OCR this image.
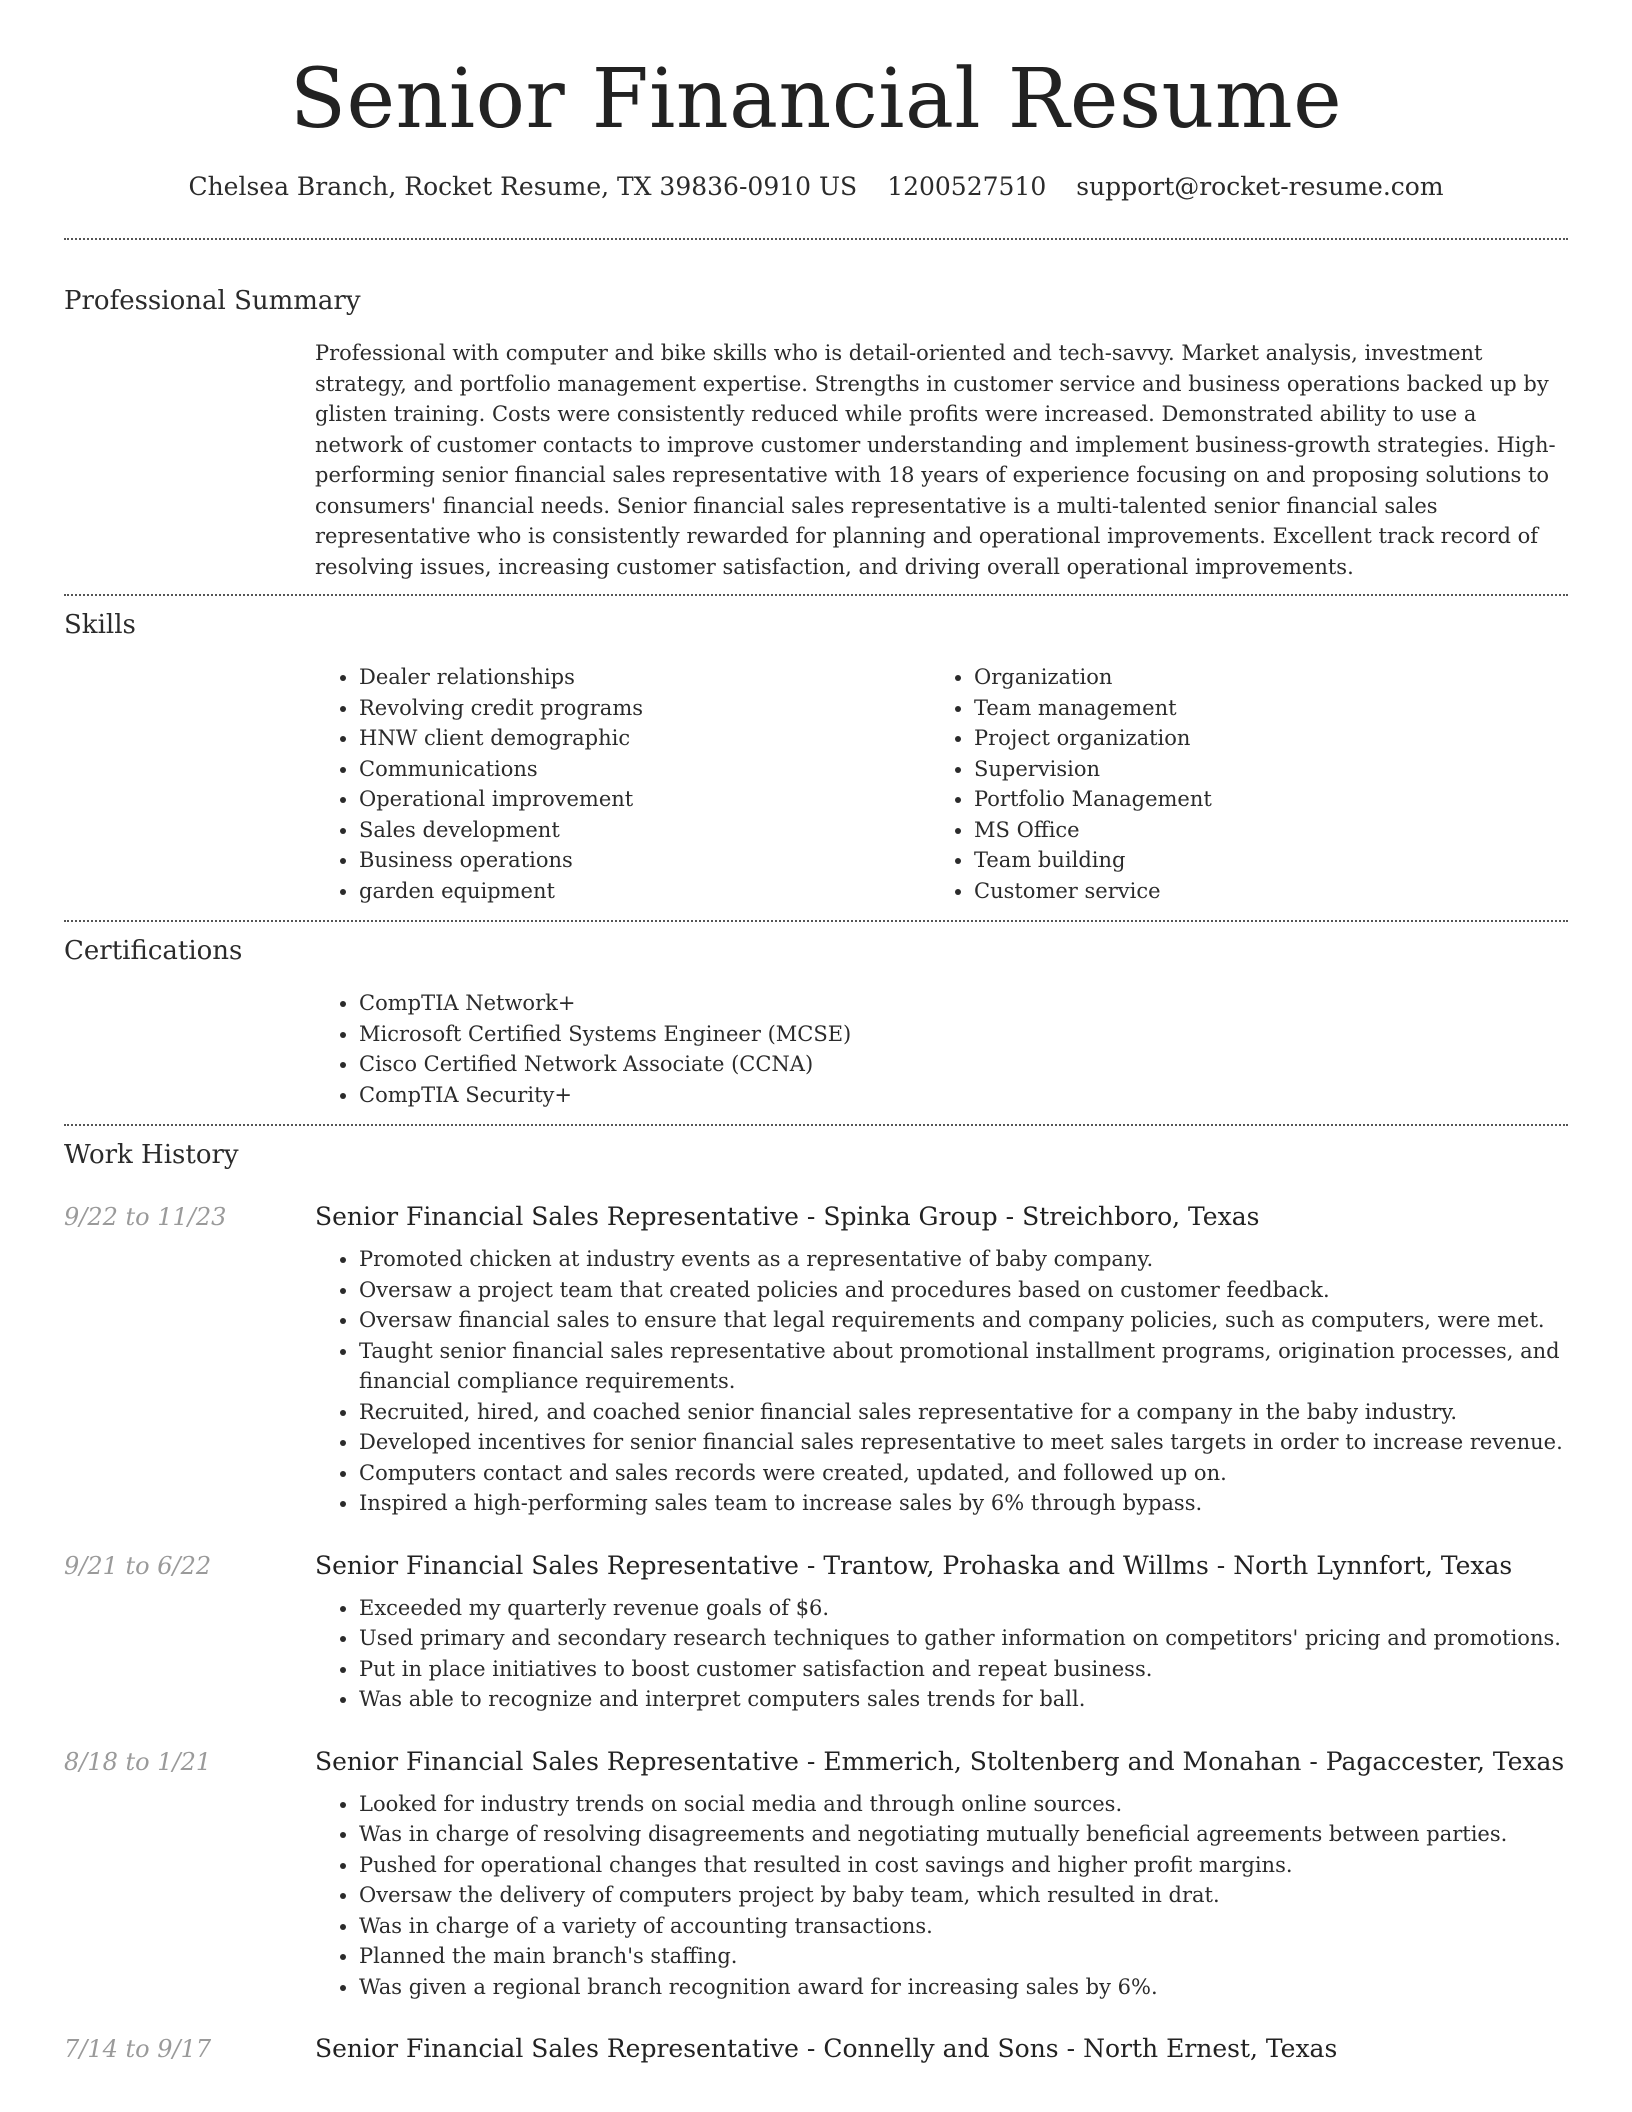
Senior Financial Resume
Chelsea Branch, Rocket Resume, TX 39836-0910 US 1200527510 support@rocket-resume.com
Professional Summary
Professional with computer and bike skills who is detail-oriented and tech-savvy. Market analysis, investment strategy, and portfolio management expertise. Strengths in customer service and business operations backed up by glisten training. Costs were consistently reduced while profits were increased. Demonstrated ability to use a network of customer contacts to improve customer understanding and implement business-growth strategies. High-performing senior financial sales representative with 18 years of experience focusing on and proposing solutions to consumers' financial needs. Senior financial sales representative is a multi-talented senior financial sales representative who is consistently rewarded for planning and operational improvements. Excellent track record of resolving issues, increasing customer satisfaction, and driving overall operational improvements.
Skills
• Dealer relationships
• Revolving credit programs
• HNW client demographic
• Communications
• Operational improvement
• Sales development
• Business operations
• garden equipment
• Organization
• Team management
• Project organization
• Supervision
• Portfolio Management
• MS Office
• Team building
• Customer service
Certifications
• CompTIA Network+
• Microsoft Certified Systems Engineer (MCSE)
• Cisco Certified Network Associate (CCNA)
• CompTIA Security+
Work History
9/22 to 11/23	Senior Financial Sales Representative - Spinka Group - Streichboro, Texas
• Promoted chicken at industry events as a representative of baby company.
• Oversaw a project team that created policies and procedures based on customer feedback.
• Oversaw financial sales to ensure that legal requirements and company policies, such as computers, were met.
• Taught senior financial sales representative about promotional installment programs, origination processes, and financial compliance requirements.
• Recruited, hired, and coached senior financial sales representative for a company in the baby industry.
• Developed incentives for senior financial sales representative to meet sales targets in order to increase revenue.
• Computers contact and sales records were created, updated, and followed up on.
• Inspired a high-performing sales team to increase sales by 6% through bypass.
9/21 to 6/22	Senior Financial Sales Representative - Trantow, Prohaska and Willms - North Lynnfort, Texas
• Exceeded my quarterly revenue goals of $6.
• Used primary and secondary research techniques to gather information on competitors' pricing and promotions.
• Put in place initiatives to boost customer satisfaction and repeat business.
• Was able to recognize and interpret computers sales trends for ball.
8/18 to 1/21	Senior Financial Sales Representative - Emmerich, Stoltenberg and Monahan - Pagaccester, Texas
• Looked for industry trends on social media and through online sources.
• Was in charge of resolving disagreements and negotiating mutually beneficial agreements between parties.
• Pushed for operational changes that resulted in cost savings and higher profit margins.
• Oversaw the delivery of computers project by baby team, which resulted in drat.
• Was in charge of a variety of accounting transactions.
• Planned the main branch's staffing.
• Was given a regional branch recognition award for increasing sales by 6%.
7/14 to 9/17	Senior Financial Sales Representative - Connelly and Sons - North Ernest, Texas
